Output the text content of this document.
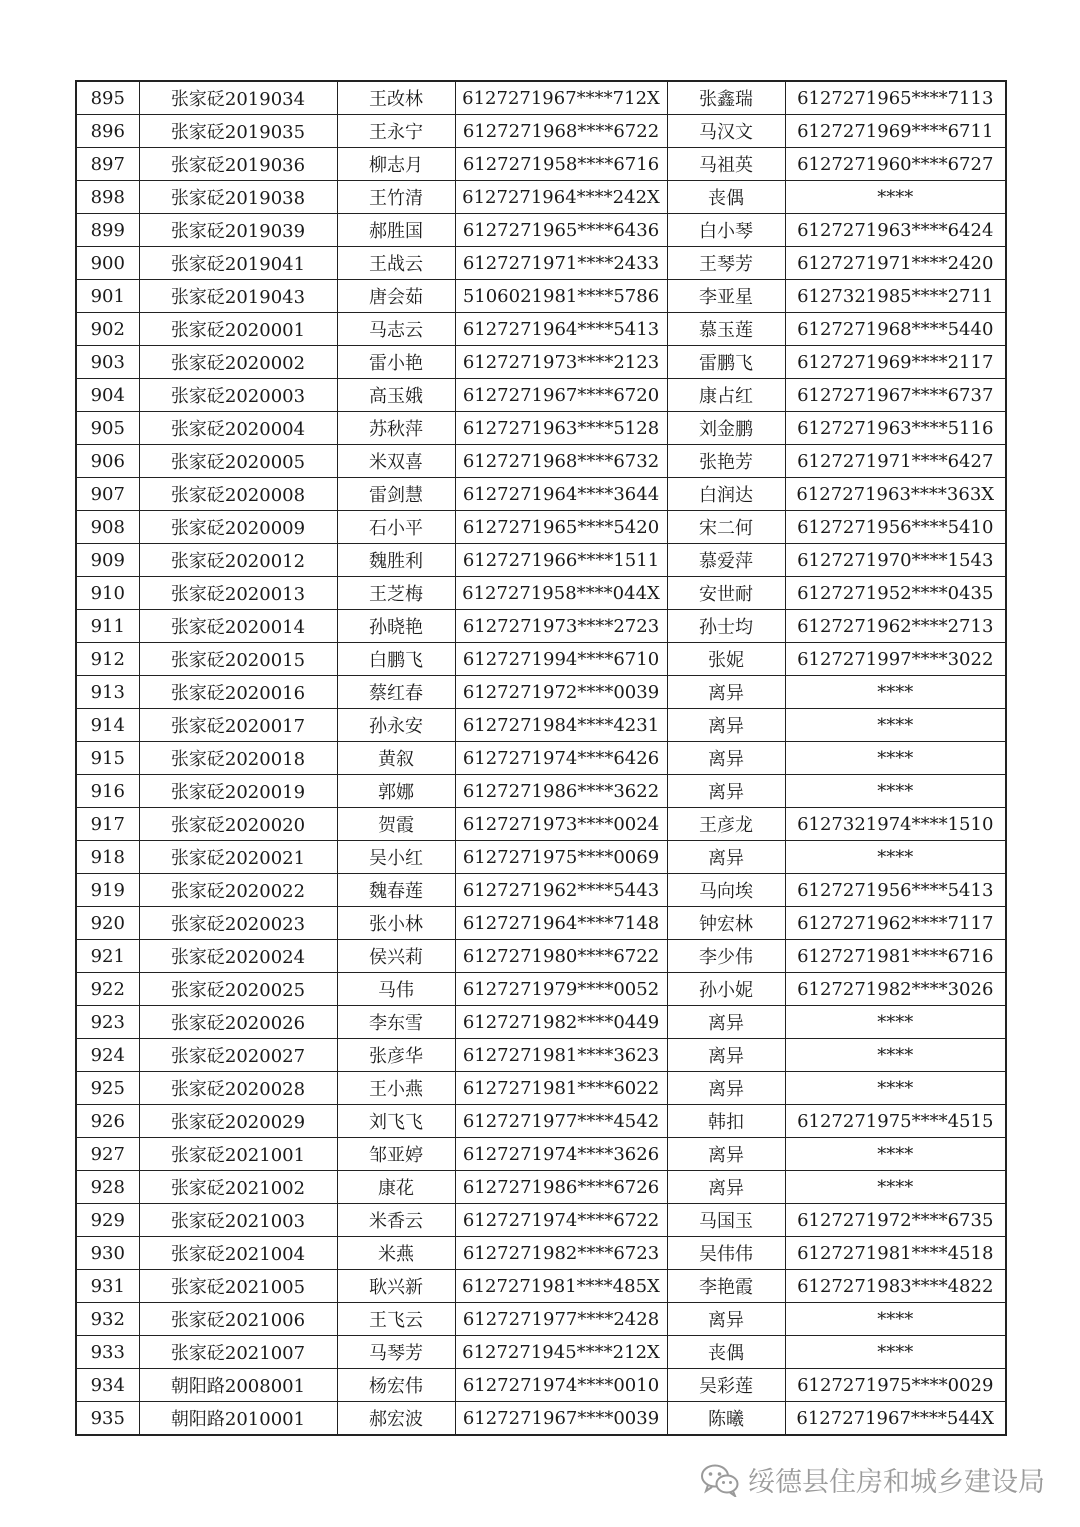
895	张家砭2019034	王改林	6127271967****712X	张鑫瑞	6127271965****7113
896	张家砭2019035	王永宁	6127271968****6722	马汉文	6127271969****6711
897	张家砭2019036	柳志月	6127271958****6716	马祖英	6127271960****6727
898	张家砭2019038	王竹清	6127271964****242X	丧偶	****
899	张家砭2019039	郝胜国	6127271965****6436	白小琴	6127271963****6424
900	张家砭2019041	王战云	6127271971****2433	王琴芳	6127271971****2420
901	张家砭2019043	唐会茹	5106021981****5786	李亚星	6127321985****2711
902	张家砭2020001	马志云	6127271964****5413	慕玉莲	6127271968****5440
903	张家砭2020002	雷小艳	6127271973****2123	雷鹏飞	6127271969****2117
904	张家砭2020003	高玉娥	6127271967****6720	康占红	6127271967****6737
905	张家砭2020004	苏秋萍	6127271963****5128	刘金鹏	6127271963****5116
906	张家砭2020005	米双喜	6127271968****6732	张艳芳	6127271971****6427
907	张家砭2020008	雷剑慧	6127271964****3644	白润达	6127271963****363X
908	张家砭2020009	石小平	6127271965****5420	宋二何	6127271956****5410
909	张家砭2020012	魏胜利	6127271966****1511	慕爱萍	6127271970****1543
910	张家砭2020013	王芝梅	6127271958****044X	安世耐	6127271952****0435
911	张家砭2020014	孙晓艳	6127271973****2723	孙士均	6127271962****2713
912	张家砭2020015	白鹏飞	6127271994****6710	张妮	6127271997****3022
913	张家砭2020016	蔡红春	6127271972****0039	离异	****
914	张家砭2020017	孙永安	6127271984****4231	离异	****
915	张家砭2020018	黄叙	6127271974****6426	离异	****
916	张家砭2020019	郭娜	6127271986****3622	离异	****
917	张家砭2020020	贺霞	6127271973****0024	王彦龙	6127321974****1510
918	张家砭2020021	吴小红	6127271975****0069	离异	****
919	张家砭2020022	魏春莲	6127271962****5443	马向埃	6127271956****5413
920	张家砭2020023	张小林	6127271964****7148	钟宏林	6127271962****7117
921	张家砭2020024	侯兴莉	6127271980****6722	李少伟	6127271981****6716
922	张家砭2020025	马伟	6127271979****0052	孙小妮	6127271982****3026
923	张家砭2020026	李东雪	6127271982****0449	离异	****
924	张家砭2020027	张彦华	6127271981****3623	离异	****
925	张家砭2020028	王小燕	6127271981****6022	离异	****
926	张家砭2020029	刘飞飞	6127271977****4542	韩扣	6127271975****4515
927	张家砭2021001	邹亚婷	6127271974****3626	离异	****
928	张家砭2021002	康花	6127271986****6726	离异	****
929	张家砭2021003	米香云	6127271974****6722	马国玉	6127271972****6735
930	张家砭2021004	米燕	6127271982****6723	吴伟伟	6127271981****4518
931	张家砭2021005	耿兴新	6127271981****485X	李艳霞	6127271983****4822
932	张家砭2021006	王飞云	6127271977****2428	离异	****
933	张家砭2021007	马琴芳	6127271945****212X	丧偶	****
934	朝阳路2008001	杨宏伟	6127271974****0010	吴彩莲	6127271975****0029
935	朝阳路2010001	郝宏波	6127271967****0039	陈曦	6127271967****544X
绥德县住房和城乡建设局
